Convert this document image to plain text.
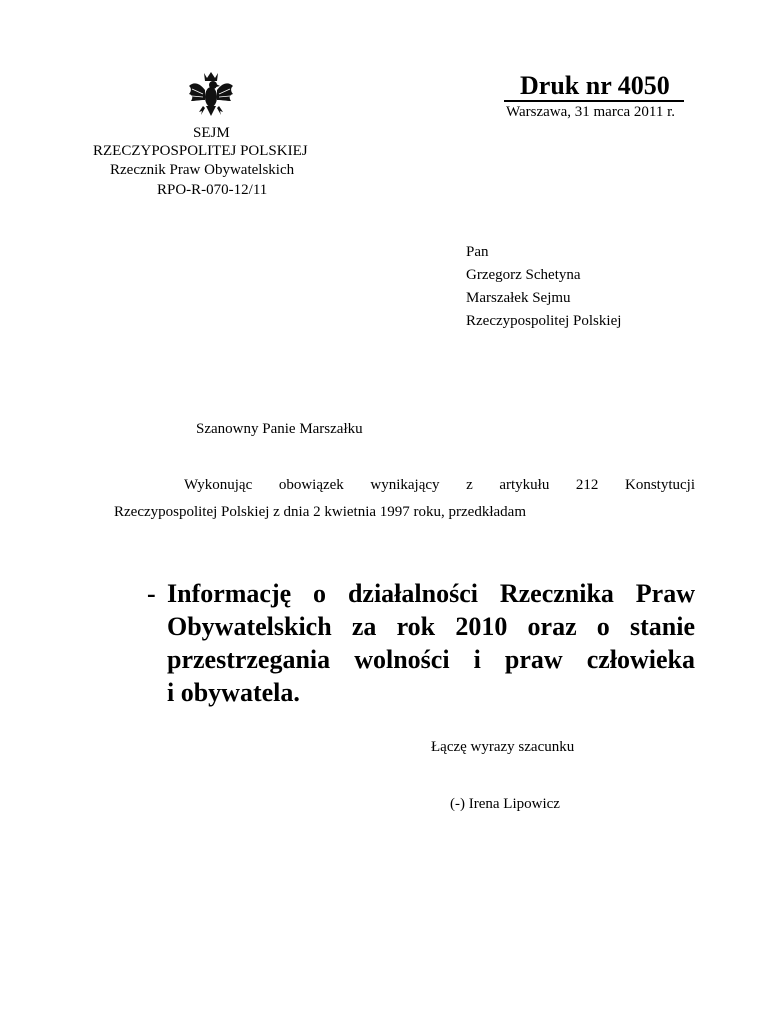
SEJM
RZECZYPOSPOLITEJ POLSKIEJ
Rzecznik Praw Obywatelskich
RPO-R-070-12/11
Druk nr 4050
Warszawa, 31 marca 2011 r.
Pan
Grzegorz Schetyna
Marszałek Sejmu
Rzeczypospolitej Polskiej
Szanowny Panie Marszałku
Wykonując obowiązek wynikający z artykułu 212 Konstytucji
Rzeczypospolitej Polskiej z dnia 2 kwietnia 1997 roku, przedkładam
- Informację o działalności Rzecznika Praw
Obywatelskich za rok 2010 oraz o stanie
przestrzegania wolności i praw człowieka
i obywatela.
Łączę wyrazy szacunku
(-) Irena Lipowicz
